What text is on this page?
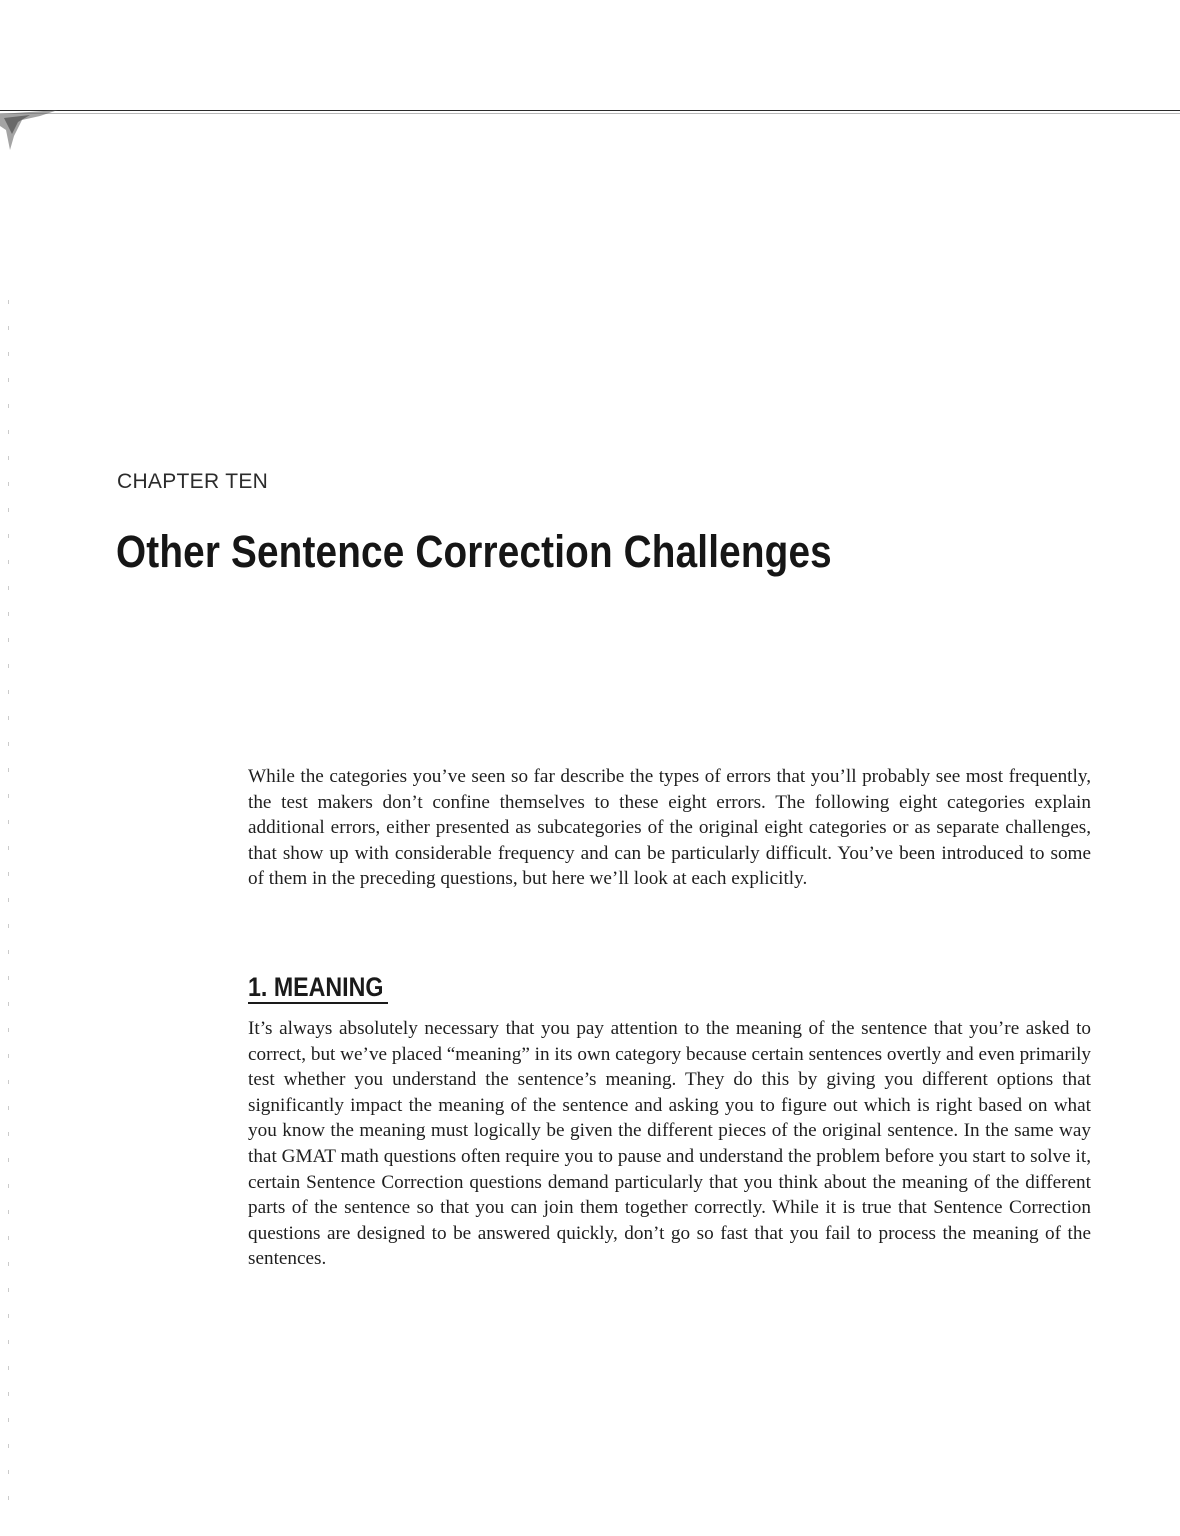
CHAPTER TEN
Other Sentence Correction Challenges

While the categories you’ve seen so far describe the types of errors that you’ll probably see most frequently, the test makers don’t confine themselves to these eight errors. The following eight categories explain additional errors, either presented as subcategories of the original eight categories or as separate challenges, that show up with considerable frequency and can be particularly difficult. You’ve been introduced to some of them in the preceding questions, but here we’ll look at each explicitly.

1. MEANING

It’s always absolutely necessary that you pay attention to the meaning of the sentence that you’re asked to correct, but we’ve placed “meaning” in its own category because certain sentences overtly and even primarily test whether you understand the sentence’s meaning. They do this by giving you different options that significantly impact the meaning of the sentence and asking you to figure out which is right based on what you know the meaning must logically be given the different pieces of the original sentence. In the same way that GMAT math questions often require you to pause and understand the problem before you start to solve it, certain Sentence Correction questions demand particularly that you think about the meaning of the different parts of the sentence so that you can join them together correctly. While it is true that Sentence Correction questions are designed to be answered quickly, don’t go so fast that you fail to process the meaning of the sentences.
